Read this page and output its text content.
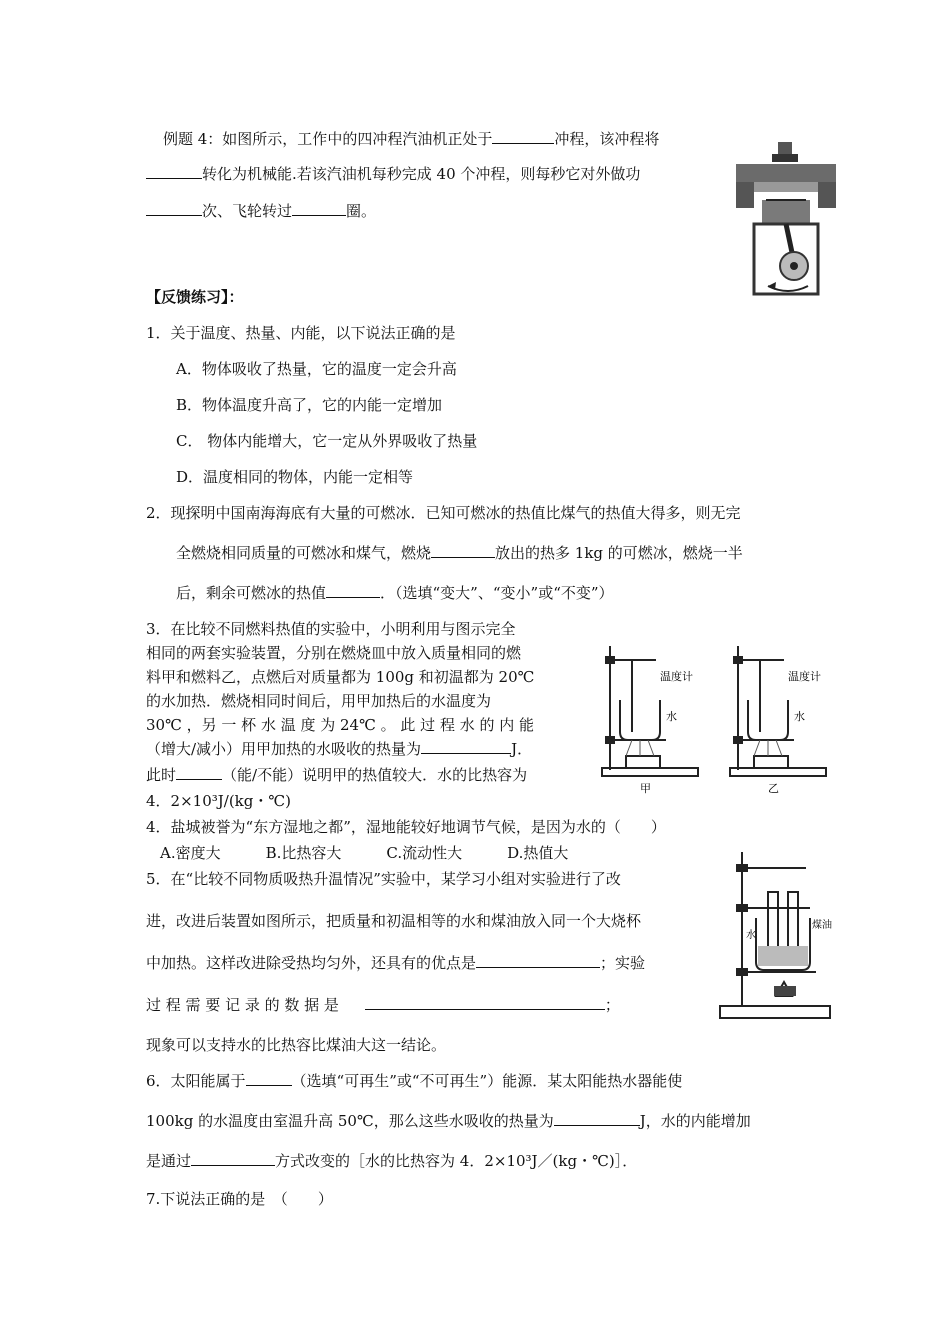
例题 4：如图所示，工作中的四冲程汽油机正处于	冲程，该冲程将
转化为机械能.若该汽油机每秒完成 40 个冲程，则每秒它对外做功
次、飞轮转过	圈。
【反馈练习】：
1．关于温度、热量、内能，以下说法正确的是
A．物体吸收了热量，它的温度一定会升高
B．物体温度升高了，它的内能一定增加
C． 物体内能增大，它一定从外界吸收了热量
D．温度相同的物体，内能一定相等
2．现探明中国南海海底有大量的可燃冰．已知可燃冰的热值比煤气的热值大得多，则无完
全燃烧相同质量的可燃冰和煤气，燃烧	放出的热多 1kg 的可燃冰，燃烧一半
后，剩余可燃冰的热值	．（选填“变大”、“变小”或“不变”）
3．在比较不同燃料热值的实验中，小明利用与图示完全
相同的两套实验装置，分别在燃烧皿中放入质量相同的燃
料甲和燃料乙，点燃后对质量都为 100g 和初温都为 20℃
的水加热．燃烧相同时间后，用甲加热后的水温度为
30℃ ，另 一 杯 水 温 度 为 24℃ 。 此 过 程 水 的 内 能
（增大/减小）用甲加热的水吸收的热量为	J．
此时	（能/不能）说明甲的热值较大．水的比热容为
4．2×10³J/(kg・℃)
温度计
水
甲
温度计
水
乙
4．盐城被誉为“东方湿地之都”，湿地能较好地调节气候，是因为水的（　　）
A.密度大　　　B.比热容大　　　C.流动性大　　　D.热值大
5．在“比较不同物质吸热升温情况”实验中，某学习小组对实验进行了改
进，改进后装置如图所示，把质量和初温相等的水和煤油放入同一个大烧杯
中加热。这样改进除受热均匀外，还具有的优点是	；实验
过 程 需 要 记 录 的 数 据 是	；
现象可以支持水的比热容比煤油大这一结论。
煤油
水
6．太阳能属于	（选填“可再生”或“不可再生”）能源．某太阳能热水器能使
100kg 的水温度由室温升高 50℃，那么这些水吸收的热量为	J，水的内能增加
是通过	方式改变的［水的比热容为 4．2×10³J／(kg・℃)］．
7.下说法正确的是　（　　）
